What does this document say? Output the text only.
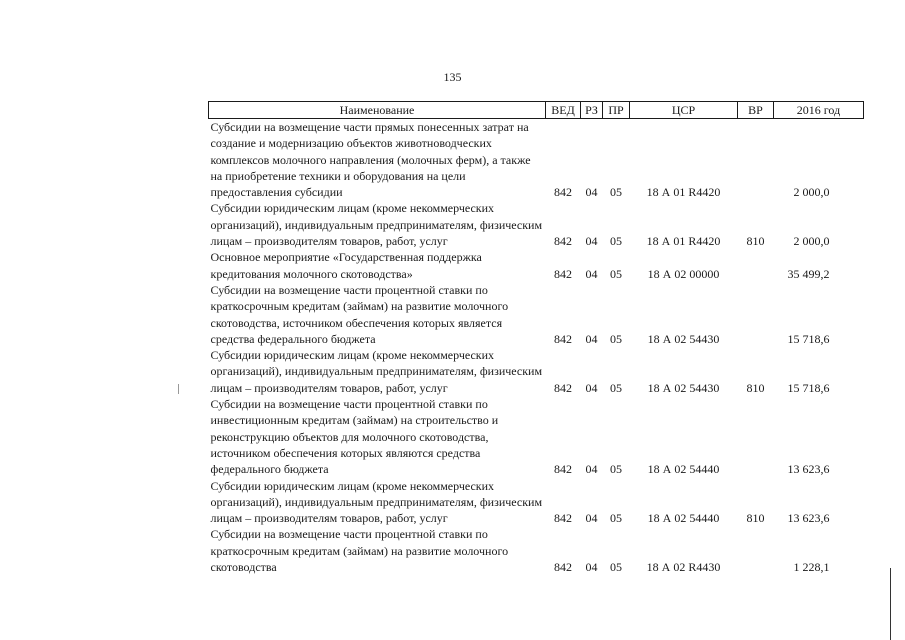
135
Наименование	ВЕД	РЗ	ПР	ЦСР	ВР	2016 год
Субсидии на возмещение части прямых понесенных затрат на создание и модернизацию объектов животноводческих комплексов молочного направления (молочных ферм), а также на приобретение техники и оборудования на цели предоставления субсидии	842	04	05	18 А 01 R4420		2 000,0
Субсидии юридическим лицам (кроме некоммерческих организаций), индивидуальным предпринимателям, физическим лицам – производителям товаров, работ, услуг	842	04	05	18 А 01 R4420	810	2 000,0
Основное мероприятие «Государственная поддержка кредитования молочного скотоводства»	842	04	05	18 А 02 00000		35 499,2
Субсидии на возмещение части процентной ставки по краткосрочным кредитам (займам) на развитие молочного скотоводства, источником обеспечения которых является средства федерального бюджета	842	04	05	18 А 02 54430		15 718,6
Субсидии юридическим лицам (кроме некоммерческих организаций), индивидуальным предпринимателям, физическим лицам – производителям товаров, работ, услуг	842	04	05	18 А 02 54430	810	15 718,6
Субсидии на возмещение части процентной ставки по инвестиционным кредитам (займам) на строительство и реконструкцию объектов для молочного скотоводства, источником обеспечения которых являются средства федерального бюджета	842	04	05	18 А 02 54440		13 623,6
Субсидии юридическим лицам (кроме некоммерческих организаций), индивидуальным предпринимателям, физическим лицам – производителям товаров, работ, услуг	842	04	05	18 А 02 54440	810	13 623,6
Субсидии на возмещение части процентной ставки по краткосрочным кредитам (займам) на развитие молочного скотоводства	842	04	05	18 А 02 R4430		1 228,1
